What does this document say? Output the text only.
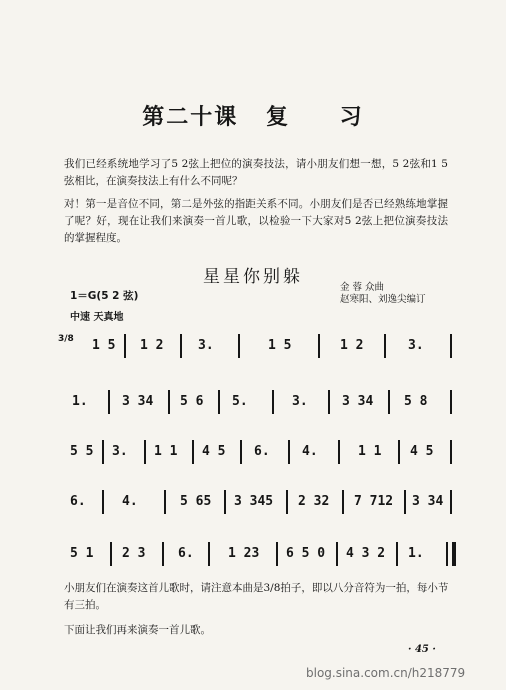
第二十课 复 习
我们已经系统地学习了5 2弦上把位的演奏技法，请小朋友们想一想，5 2弦和1 5弦相比，在演奏技法上有什么不同呢？
对！第一是音位不同，第二是外弦的指距关系不同。小朋友们是否已经熟练地掌握了呢？好，现在让我们来演奏一首儿歌，以检验一下大家对5 2弦上把位演奏技法的掌握程度。
星星你别躲
金 蓉 众曲
赵寒阳、刘逸尖编订
1＝G(5 2 弦)
中速 天真地
3/8 1 5 1 2	3.	1 5	1 2	3.
1.	3 34 5 6 5.	3.	3 34 5 8
5 5 3. 1 1 4 5 6. 4.	1 1 4 5
6.	4.	5 65 3 345 2 32 7 712 3 34
5 1 2 3	6.	1 23 6 5 0 4 3 2 1.
小朋友们在演奏这首儿歌时，请注意本曲是3/8拍子，即以八分音符为一拍，每小节有三拍。
下面让我们再来演奏一首儿歌。
· 45 ·
blog.sina.com.cn/h218779
